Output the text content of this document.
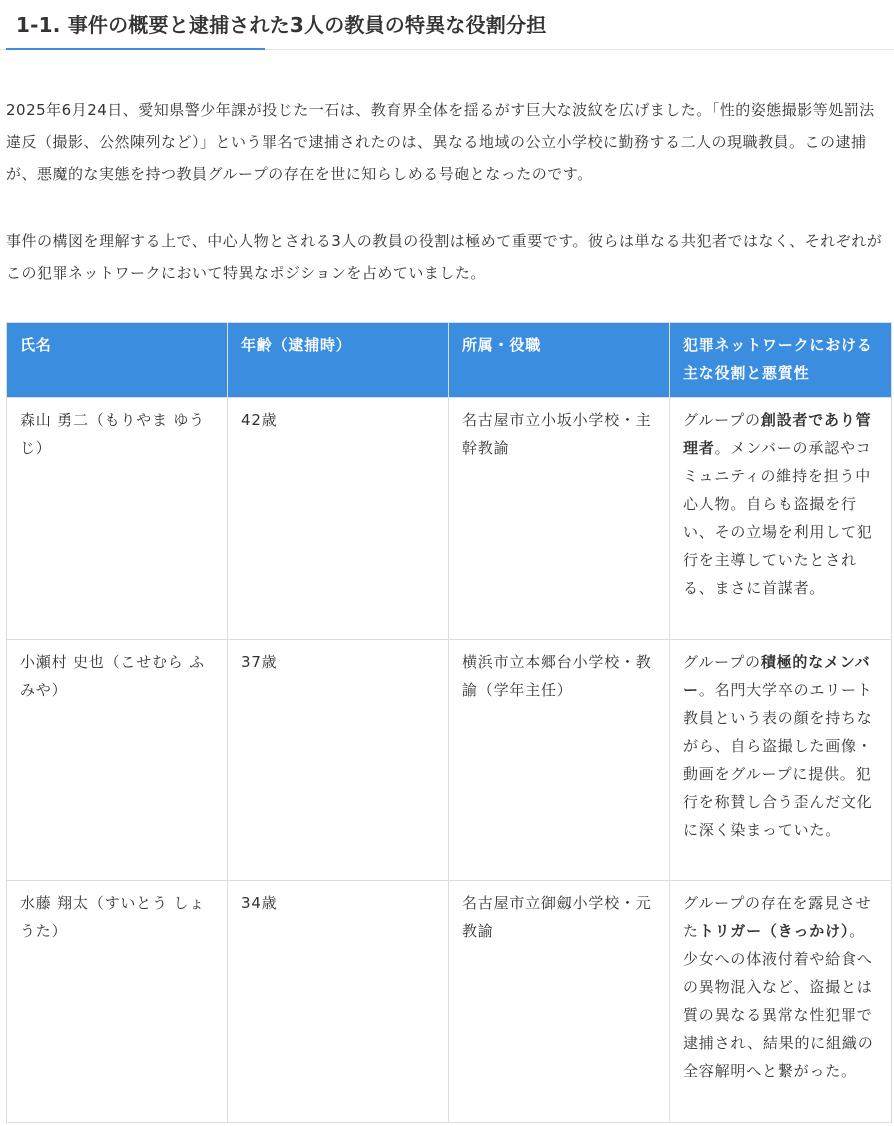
1-1. 事件の概要と逮捕された3人の教員の特異な役割分担

2025年6月24日、愛知県警少年課が投じた一石は、教育界全体を揺るがす巨大な波紋を広げました。「性的姿態撮影等処罰法違反（撮影、公然陳列など）」という罪名で逮捕されたのは、異なる地域の公立小学校に勤務する二人の現職教員。この逮捕が、悪魔的な実態を持つ教員グループの存在を世に知らしめる号砲となったのです。

事件の構図を理解する上で、中心人物とされる3人の教員の役割は極めて重要です。彼らは単なる共犯者ではなく、それぞれがこの犯罪ネットワークにおいて特異なポジションを占めていました。

氏名	年齢（逮捕時）	所属・役職	犯罪ネットワークにおける主な役割と悪質性
森山 勇二（もりやま ゆうじ）	42歳	名古屋市立小坂小学校・主幹教諭	グループの創設者であり管理者。メンバーの承認やコミュニティの維持を担う中心人物。自らも盗撮を行い、その立場を利用して犯行を主導していたとされる、まさに首謀者。
小瀬村 史也（こせむら ふみや）	37歳	横浜市立本郷台小学校・教諭（学年主任）	グループの積極的なメンバー。名門大学卒のエリート教員という表の顔を持ちながら、自ら盗撮した画像・動画をグループに提供。犯行を称賛し合う歪んだ文化に深く染まっていた。
水藤 翔太（すいとう しょうた）	34歳	名古屋市立御劔小学校・元教諭	グループの存在を露見させたトリガー（きっかけ）。少女への体液付着や給食への異物混入など、盗撮とは質の異なる異常な性犯罪で逮捕され、結果的に組織の全容解明へと繋がった。
